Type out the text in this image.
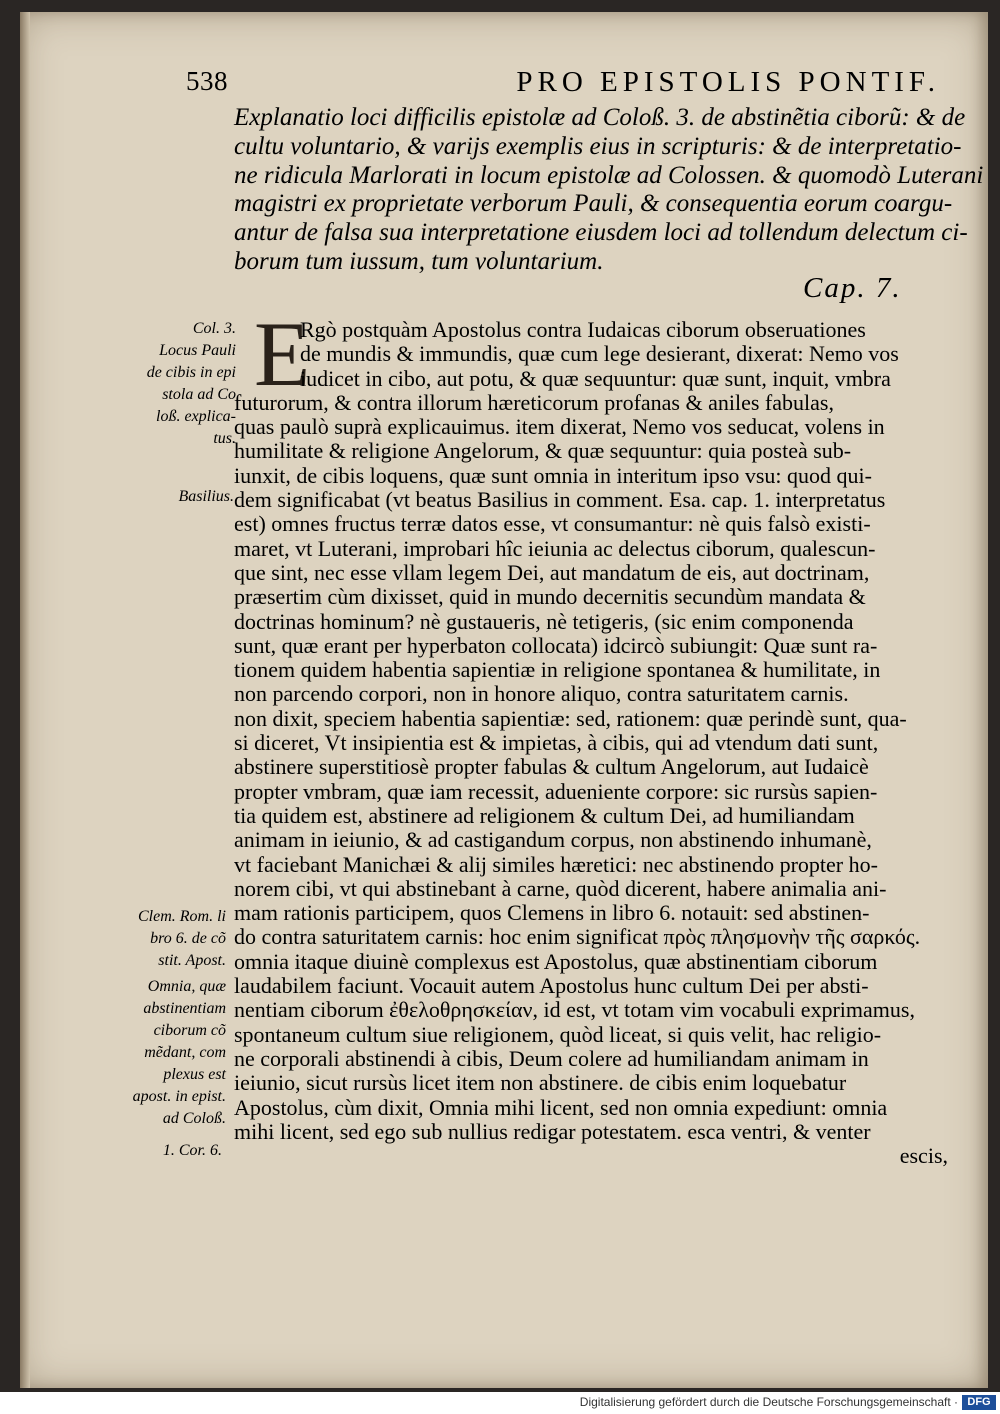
538	PRO EPISTOLIS PONTIF.
Explanatio loci difficilis epistolæ ad Coloß. 3. de abstinẽtia ciborũ: & de
cultu voluntario, & varijs exemplis eius in scripturis: & de interpretatio-
ne ridicula Marlorati in locum epistolæ ad Colossen. & quomodò Luterani
magistri ex proprietate verborum Pauli, & consequentia eorum coargu-
antur de falsa sua interpretatione eiusdem loci ad tollendum delectum ci-
borum tum iussum, tum voluntarium.
Cap. 7.
E
Rgò postquàm Apostolus contra Iudaicas ciborum obseruationes
de mundis & immundis, quæ cum lege desierant, dixerat: Nemo vos
iudicet in cibo, aut potu, & quæ sequuntur: quæ sunt, inquit, vmbra
futurorum, & contra illorum hæreticorum profanas & aniles fabulas,
quas paulò suprà explicauimus. item dixerat, Nemo vos seducat, volens in
humilitate & religione Angelorum, & quæ sequuntur: quia posteà sub-
iunxit, de cibis loquens, quæ sunt omnia in interitum ipso vsu: quod qui-
dem significabat (vt beatus Basilius in comment. Esa. cap. 1. interpretatus
est) omnes fructus terræ datos esse, vt consumantur: nè quis falsò existi-
maret, vt Luterani, improbari hîc ieiunia ac delectus ciborum, qualescun-
que sint, nec esse vllam legem Dei, aut mandatum de eis, aut doctrinam,
præsertim cùm dixisset, quid in mundo decernitis secundùm mandata &
doctrinas hominum? nè gustaueris, nè tetigeris, (sic enim componenda
sunt, quæ erant per hyperbaton collocata) idcircò subiungit: Quæ sunt ra-
tionem quidem habentia sapientiæ in religione spontanea & humilitate, in
non parcendo corpori, non in honore aliquo, contra saturitatem carnis.
non dixit, speciem habentia sapientiæ: sed, rationem: quæ perindè sunt, qua-
si diceret, Vt insipientia est & impietas, à cibis, qui ad vtendum dati sunt,
abstinere superstitiosè propter fabulas & cultum Angelorum, aut Iudaicè
propter vmbram, quæ iam recessit, adueniente corpore: sic rursùs sapien-
tia quidem est, abstinere ad religionem & cultum Dei, ad humiliandam
animam in ieiunio, & ad castigandum corpus, non abstinendo inhumanè,
vt faciebant Manichæi & alij similes hæretici: nec abstinendo propter ho-
norem cibi, vt qui abstinebant à carne, quòd dicerent, habere animalia ani-
mam rationis participem, quos Clemens in libro 6. notauit: sed abstinen-
do contra saturitatem carnis: hoc enim significat πρὸς πλησμονὴν τῆς σαρκός.
omnia itaque diuinè complexus est Apostolus, quæ abstinentiam ciborum
laudabilem faciunt. Vocauit autem Apostolus hunc cultum Dei per absti-
nentiam ciborum ἐθελοθρησκείαν, id est, vt totam vim vocabuli exprimamus,
spontaneum cultum siue religionem, quòd liceat, si quis velit, hac religio-
ne corporali abstinendi à cibis, Deum colere ad humiliandam animam in
ieiunio, sicut rursùs licet item non abstinere. de cibis enim loquebatur
Apostolus, cùm dixit, Omnia mihi licent, sed non omnia expediunt: omnia
mihi licent, sed ego sub nullius redigar potestatem. esca ventri, & venter
escis,
Col. 3.
Locus Pauli
de cibis in epi
stola ad Co
loß. explica-
tus.
Basilius.
Clem. Rom. li
bro 6. de cõ
stit. Apost.
Omnia, quæ
abstinentiam
ciborum cõ
mẽdant, com
plexus est
apost. in epist.
ad Coloß.
1. Cor. 6.
Digitalisierung gefördert durch die Deutsche Forschungsgemeinschaft · DFG
